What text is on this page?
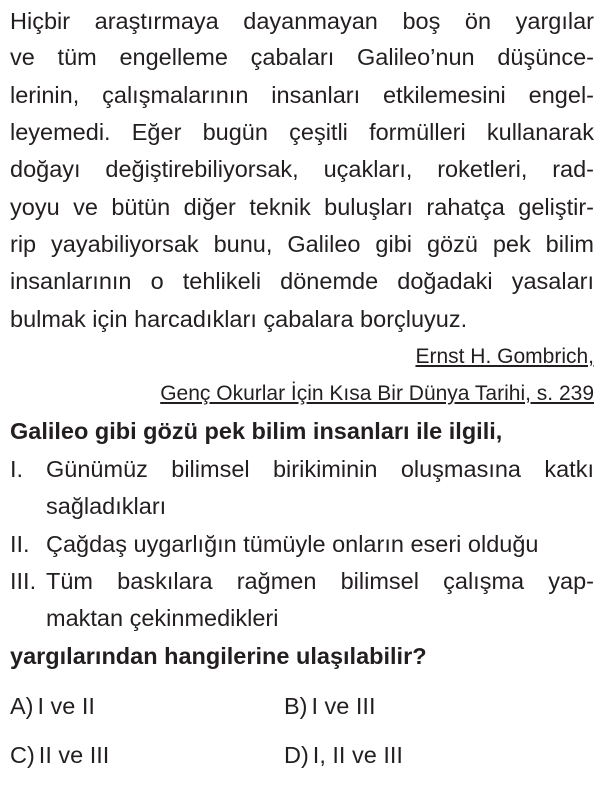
Hiçbir araştırmaya dayanmayan boş ön yargılar
ve tüm engelleme çabaları Galileo’nun düşünce-
lerinin, çalışmalarının insanları etkilemesini engel-
leyemedi. Eğer bugün çeşitli formülleri kullanarak
doğayı değiştirebiliyorsak, uçakları, roketleri, rad-
yoyu ve bütün diğer teknik buluşları rahatça geliştir-
rip yayabiliyorsak bunu, Galileo gibi gözü pek bilim
insanlarının o tehlikeli dönemde doğadaki yasaları
bulmak için harcadıkları çabalara borçluyuz.
Ernst H. Gombrich,
Genç Okurlar İçin Kısa Bir Dünya Tarihi, s. 239
Galileo gibi gözü pek bilim insanları ile ilgili,
I. Günümüz bilimsel birikiminin oluşmasına katkı
sağladıkları
II. Çağdaş uygarlığın tümüyle onların eseri olduğu
III. Tüm baskılara rağmen bilimsel çalışma yap-
maktan çekinmedikleri
yargılarından hangilerine ulaşılabilir?
A) I ve II	B) I ve III
C) II ve III	D) I, II ve III
